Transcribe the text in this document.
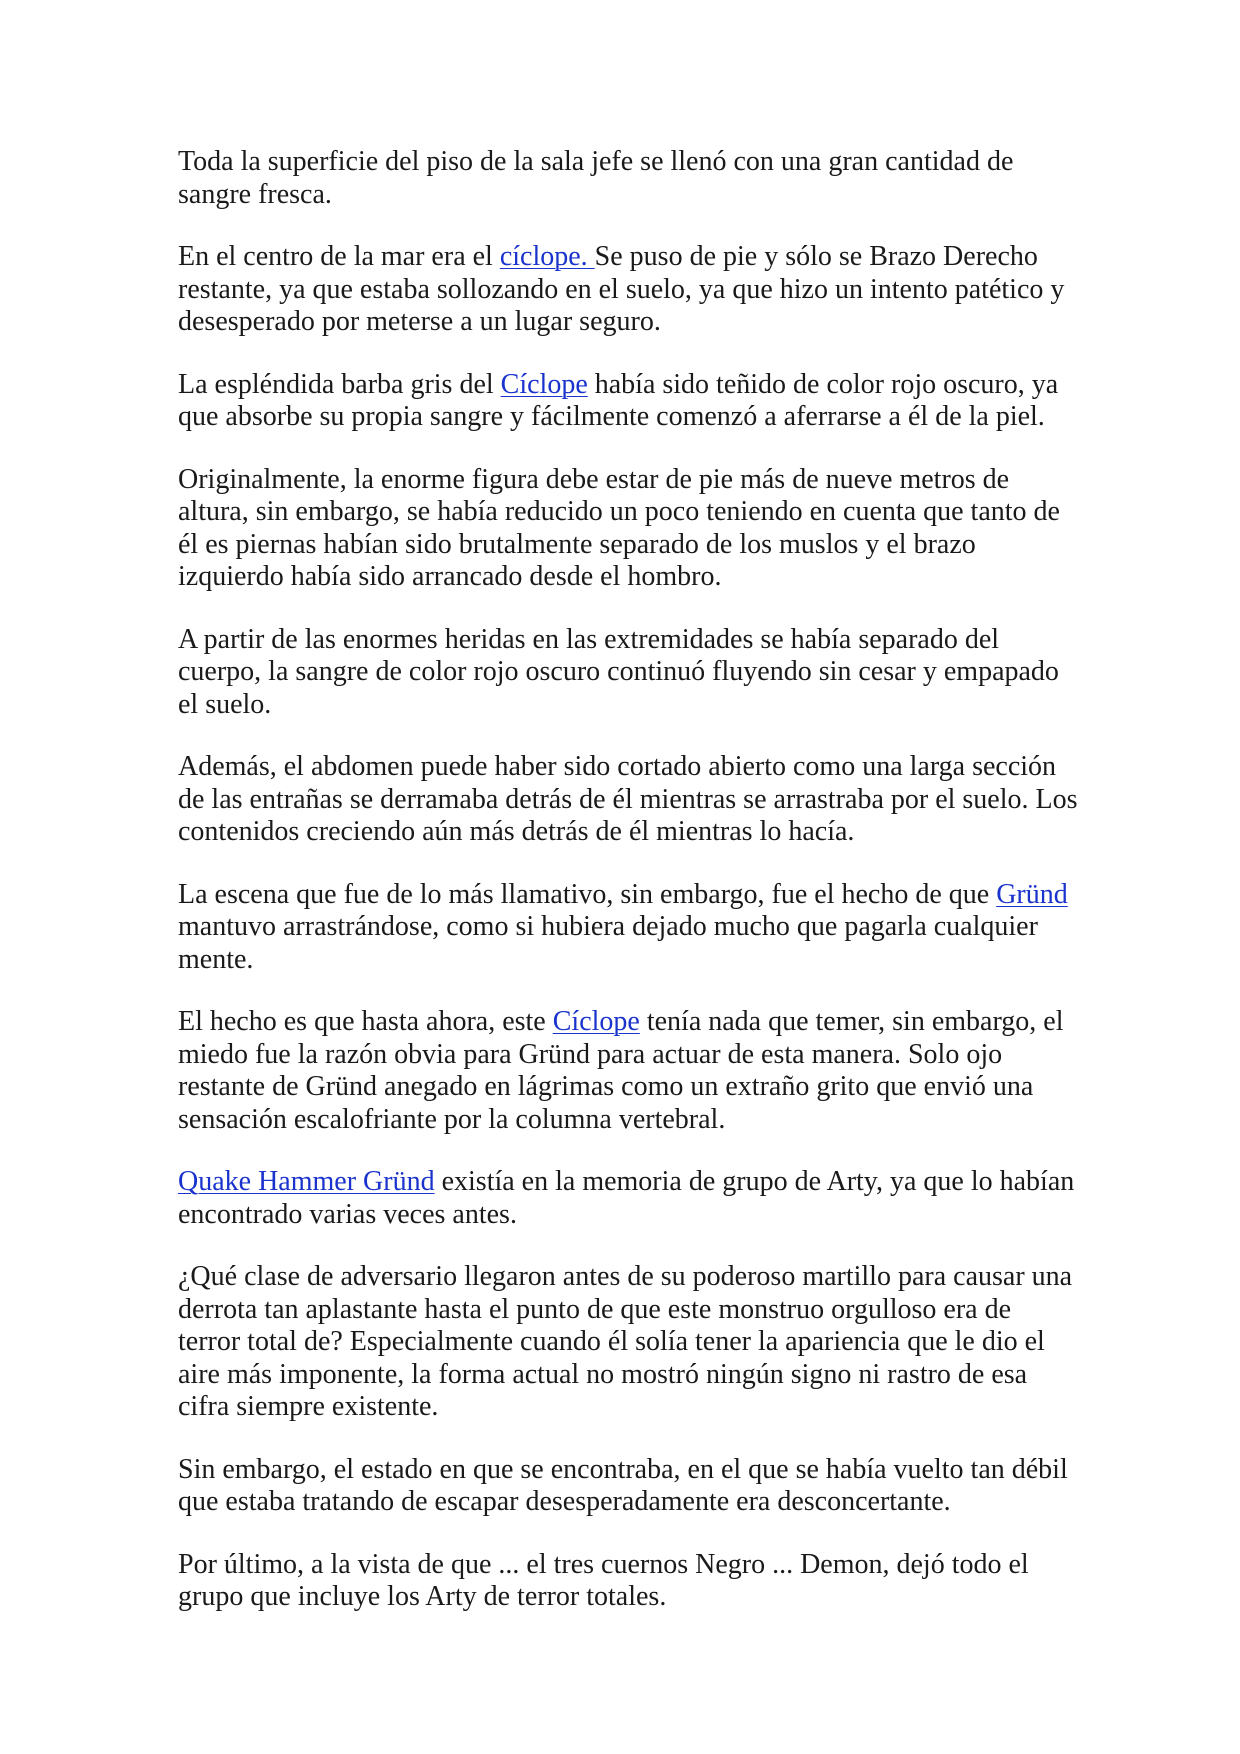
Toda la superficie del piso de la sala jefe se llenó con una gran cantidad de sangre fresca.

En el centro de la mar era el cíclope. Se puso de pie y sólo se Brazo Derecho restante, ya que estaba sollozando en el suelo, ya que hizo un intento patético y desesperado por meterse a un lugar seguro.

La espléndida barba gris del Cíclope había sido teñido de color rojo oscuro, ya que absorbe su propia sangre y fácilmente comenzó a aferrarse a él de la piel.

Originalmente, la enorme figura debe estar de pie más de nueve metros de altura, sin embargo, se había reducido un poco teniendo en cuenta que tanto de él es piernas habían sido brutalmente separado de los muslos y el brazo izquierdo había sido arrancado desde el hombro.

A partir de las enormes heridas en las extremidades se había separado del cuerpo, la sangre de color rojo oscuro continuó fluyendo sin cesar y empapado el suelo.

Además, el abdomen puede haber sido cortado abierto como una larga sección de las entrañas se derramaba detrás de él mientras se arrastraba por el suelo. Los contenidos creciendo aún más detrás de él mientras lo hacía.

La escena que fue de lo más llamativo, sin embargo, fue el hecho de que Gründ mantuvo arrastrándose, como si hubiera dejado mucho que pagarla cualquier mente.

El hecho es que hasta ahora, este Cíclope tenía nada que temer, sin embargo, el miedo fue la razón obvia para Gründ para actuar de esta manera. Solo ojo restante de Gründ anegado en lágrimas como un extraño grito que envió una sensación escalofriante por la columna vertebral.

Quake Hammer Gründ existía en la memoria de grupo de Arty, ya que lo habían encontrado varias veces antes.

¿Qué clase de adversario llegaron antes de su poderoso martillo para causar una derrota tan aplastante hasta el punto de que este monstruo orgulloso era de terror total de? Especialmente cuando él solía tener la apariencia que le dio el aire más imponente, la forma actual no mostró ningún signo ni rastro de esa cifra siempre existente.

Sin embargo, el estado en que se encontraba, en el que se había vuelto tan débil que estaba tratando de escapar desesperadamente era desconcertante.

Por último, a la vista de que ... el tres cuernos Negro ... Demon, dejó todo el grupo que incluye los Arty de terror totales.
